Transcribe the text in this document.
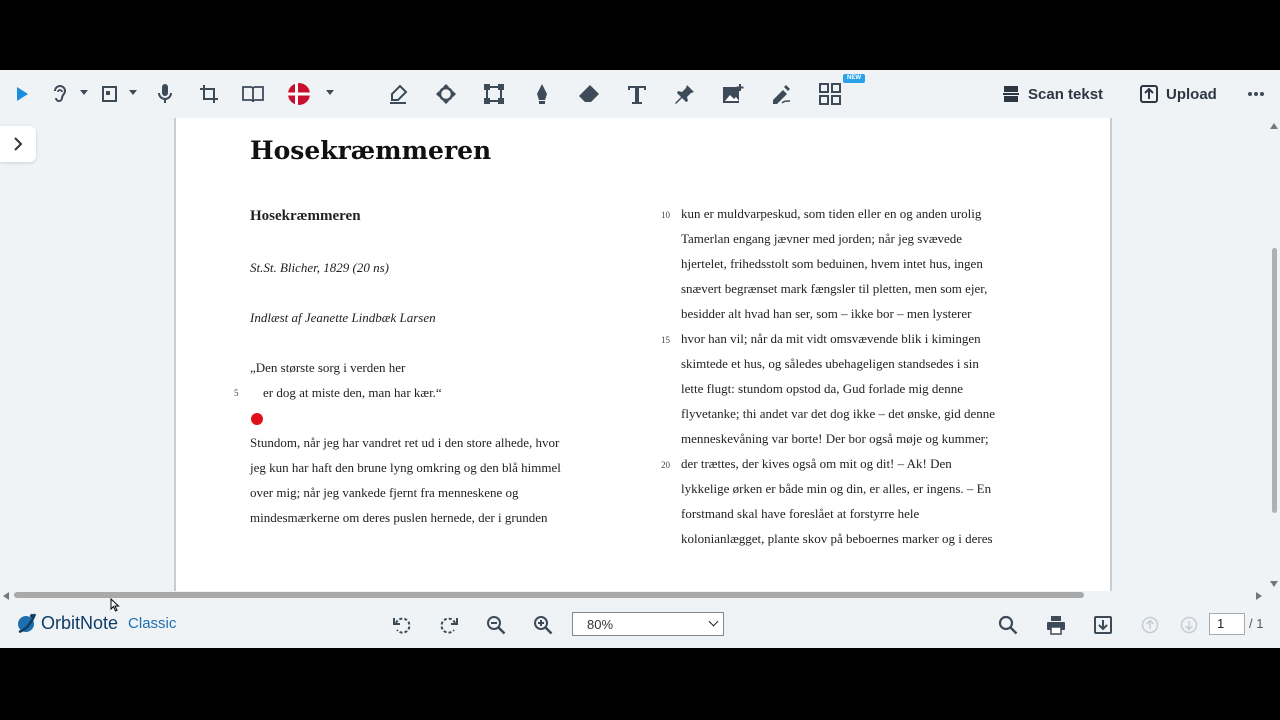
NEW
Scan tekst	Upload
Hosekræmmeren
Hosekræmmeren
St.St. Blicher, 1829 (20 ns)
Indlæst af Jeanette Lindbæk Larsen
„Den største sorg i verden her
5 er dog at miste den, man har kær.“
Stundom, når jeg har vandret ret ud i den store alhede, hvor
jeg kun har haft den brune lyng omkring og den blå himmel
over mig; når jeg vankede fjernt fra menneskene og
mindesmærkerne om deres puslen hernede, der i grunden
10 kun er muldvarpeskud, som tiden eller en og anden urolig
Tamerlan engang jævner med jorden; når jeg svævede
hjertelet, frihedsstolt som beduinen, hvem intet hus, ingen
snævert begrænset mark fængsler til pletten, men som ejer,
besidder alt hvad han ser, som – ikke bor – men lysterer
15 hvor han vil; når da mit vidt omsvævende blik i kimingen
skimtede et hus, og således ubehageligen standsedes i sin
lette flugt: stundom opstod da, Gud forlade mig denne
flyvetanke; thi andet var det dog ikke – det ønske, gid denne
menneskevåning var borte! Der bor også møje og kummer;
20 der trættes, der kives også om mit og dit! – Ak! Den
lykkelige ørken er både min og din, er alles, er ingens. – En
forstmand skal have foreslået at forstyrre hele
kolonianlægget, plante skov på beboernes marker og i deres
OrbitNote Classic	80%	1	/ 1
